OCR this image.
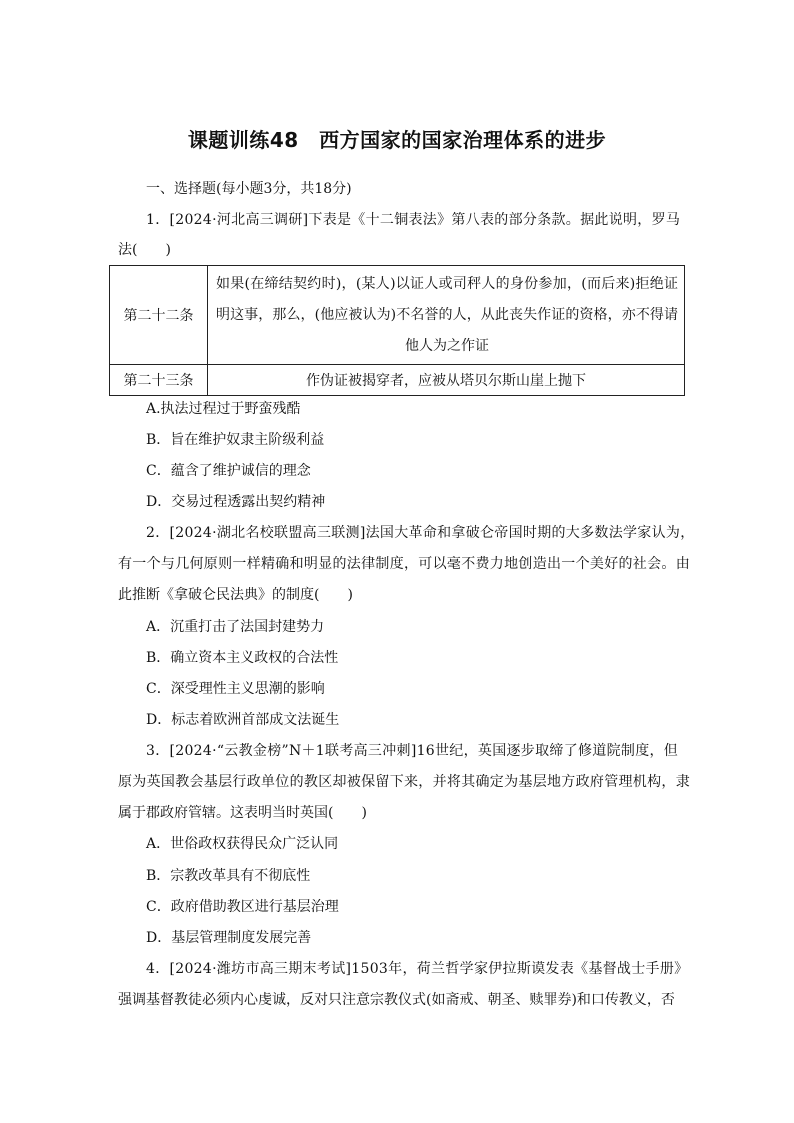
课题训练48　西方国家的国家治理体系的进步
一、选择题(每小题3分，共18分)
1．[2024·河北高三调研]下表是《十二铜表法》第八表的部分条款。据此说明，罗马
法(　　)
第二十二条	如果(在缔结契约时)，(某人)以证人或司秤人的身份参加，(而后来)拒绝证明这事，那么，(他应被认为)不名誉的人，从此丧失作证的资格，亦不得请他人为之作证

第二十三条	作伪证被揭穿者，应被从塔贝尔斯山崖上抛下
A.执法过程过于野蛮残酷
B．旨在维护奴隶主阶级利益
C．蕴含了维护诚信的理念
D．交易过程透露出契约精神
2．[2024·湖北名校联盟高三联测]法国大革命和拿破仑帝国时期的大多数法学家认为，
有一个与几何原则一样精确和明显的法律制度，可以毫不费力地创造出一个美好的社会。由
此推断《拿破仑民法典》的制度(　　)
A．沉重打击了法国封建势力
B．确立资本主义政权的合法性
C．深受理性主义思潮的影响
D．标志着欧洲首部成文法诞生
3．[2024·“云教金榜”N＋1联考高三冲刺]16世纪，英国逐步取缔了修道院制度，但
原为英国教会基层行政单位的教区却被保留下来，并将其确定为基层地方政府管理机构，隶
属于郡政府管辖。这表明当时英国(　　)
A．世俗政权获得民众广泛认同
B．宗教改革具有不彻底性
C．政府借助教区进行基层治理
D．基层管理制度发展完善
4．[2024·潍坊市高三期末考试]1503年，荷兰哲学家伊拉斯谟发表《基督战士手册》
强调基督教徒必须内心虔诚，反对只注意宗教仪式(如斋戒、朝圣、赎罪券)和口传教义，否
